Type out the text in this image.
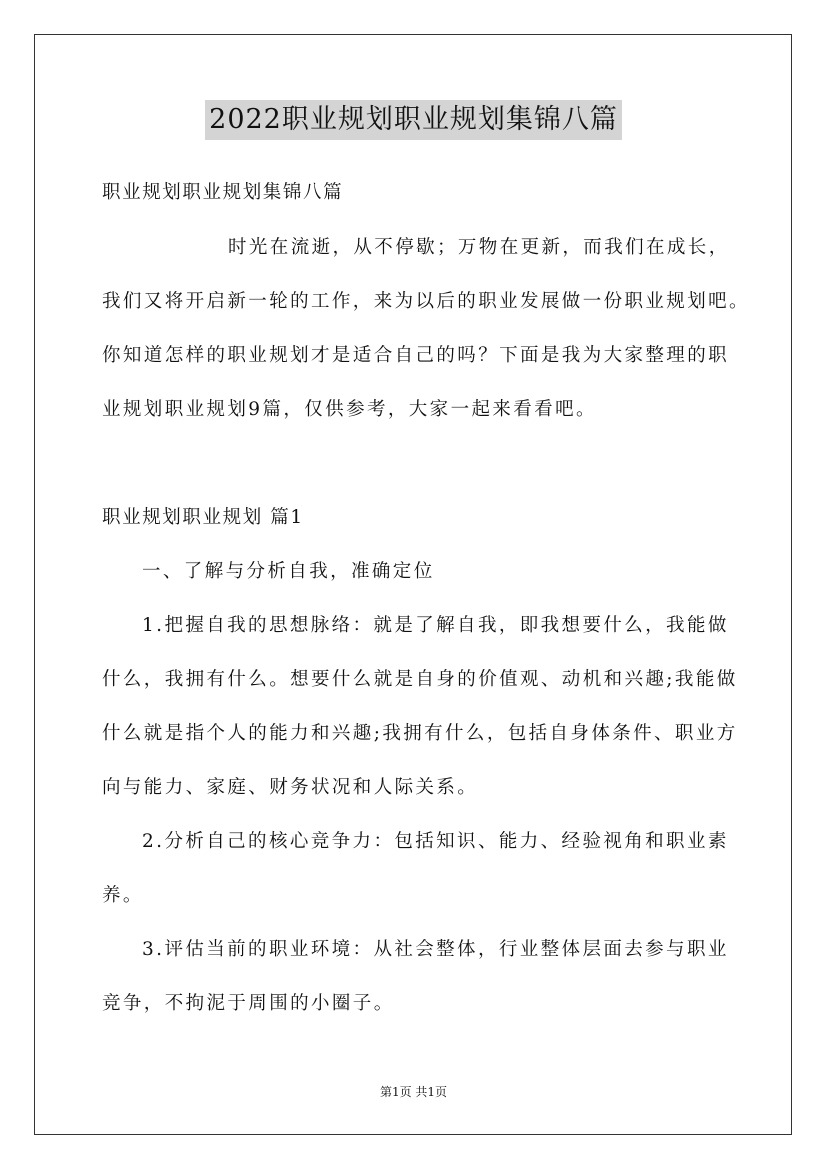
2022职业规划职业规划集锦八篇
职业规划职业规划集锦八篇
时光在流逝，从不停歇；万物在更新，而我们在成长，
我们又将开启新一轮的工作，来为以后的职业发展做一份职业规划吧。
你知道怎样的职业规划才是适合自己的吗？下面是我为大家整理的职
业规划职业规划9篇，仅供参考，大家一起来看看吧。
职业规划职业规划 篇1
一、了解与分析自我，准确定位
1.把握自我的思想脉络：就是了解自我，即我想要什么，我能做
什么，我拥有什么。想要什么就是自身的价值观、动机和兴趣;我能做
什么就是指个人的能力和兴趣;我拥有什么，包括自身体条件、职业方
向与能力、家庭、财务状况和人际关系。
2.分析自己的核心竞争力：包括知识、能力、经验视角和职业素
养。
3.评估当前的职业环境：从社会整体，行业整体层面去参与职业
竞争，不拘泥于周围的小圈子。
第1页 共1页
